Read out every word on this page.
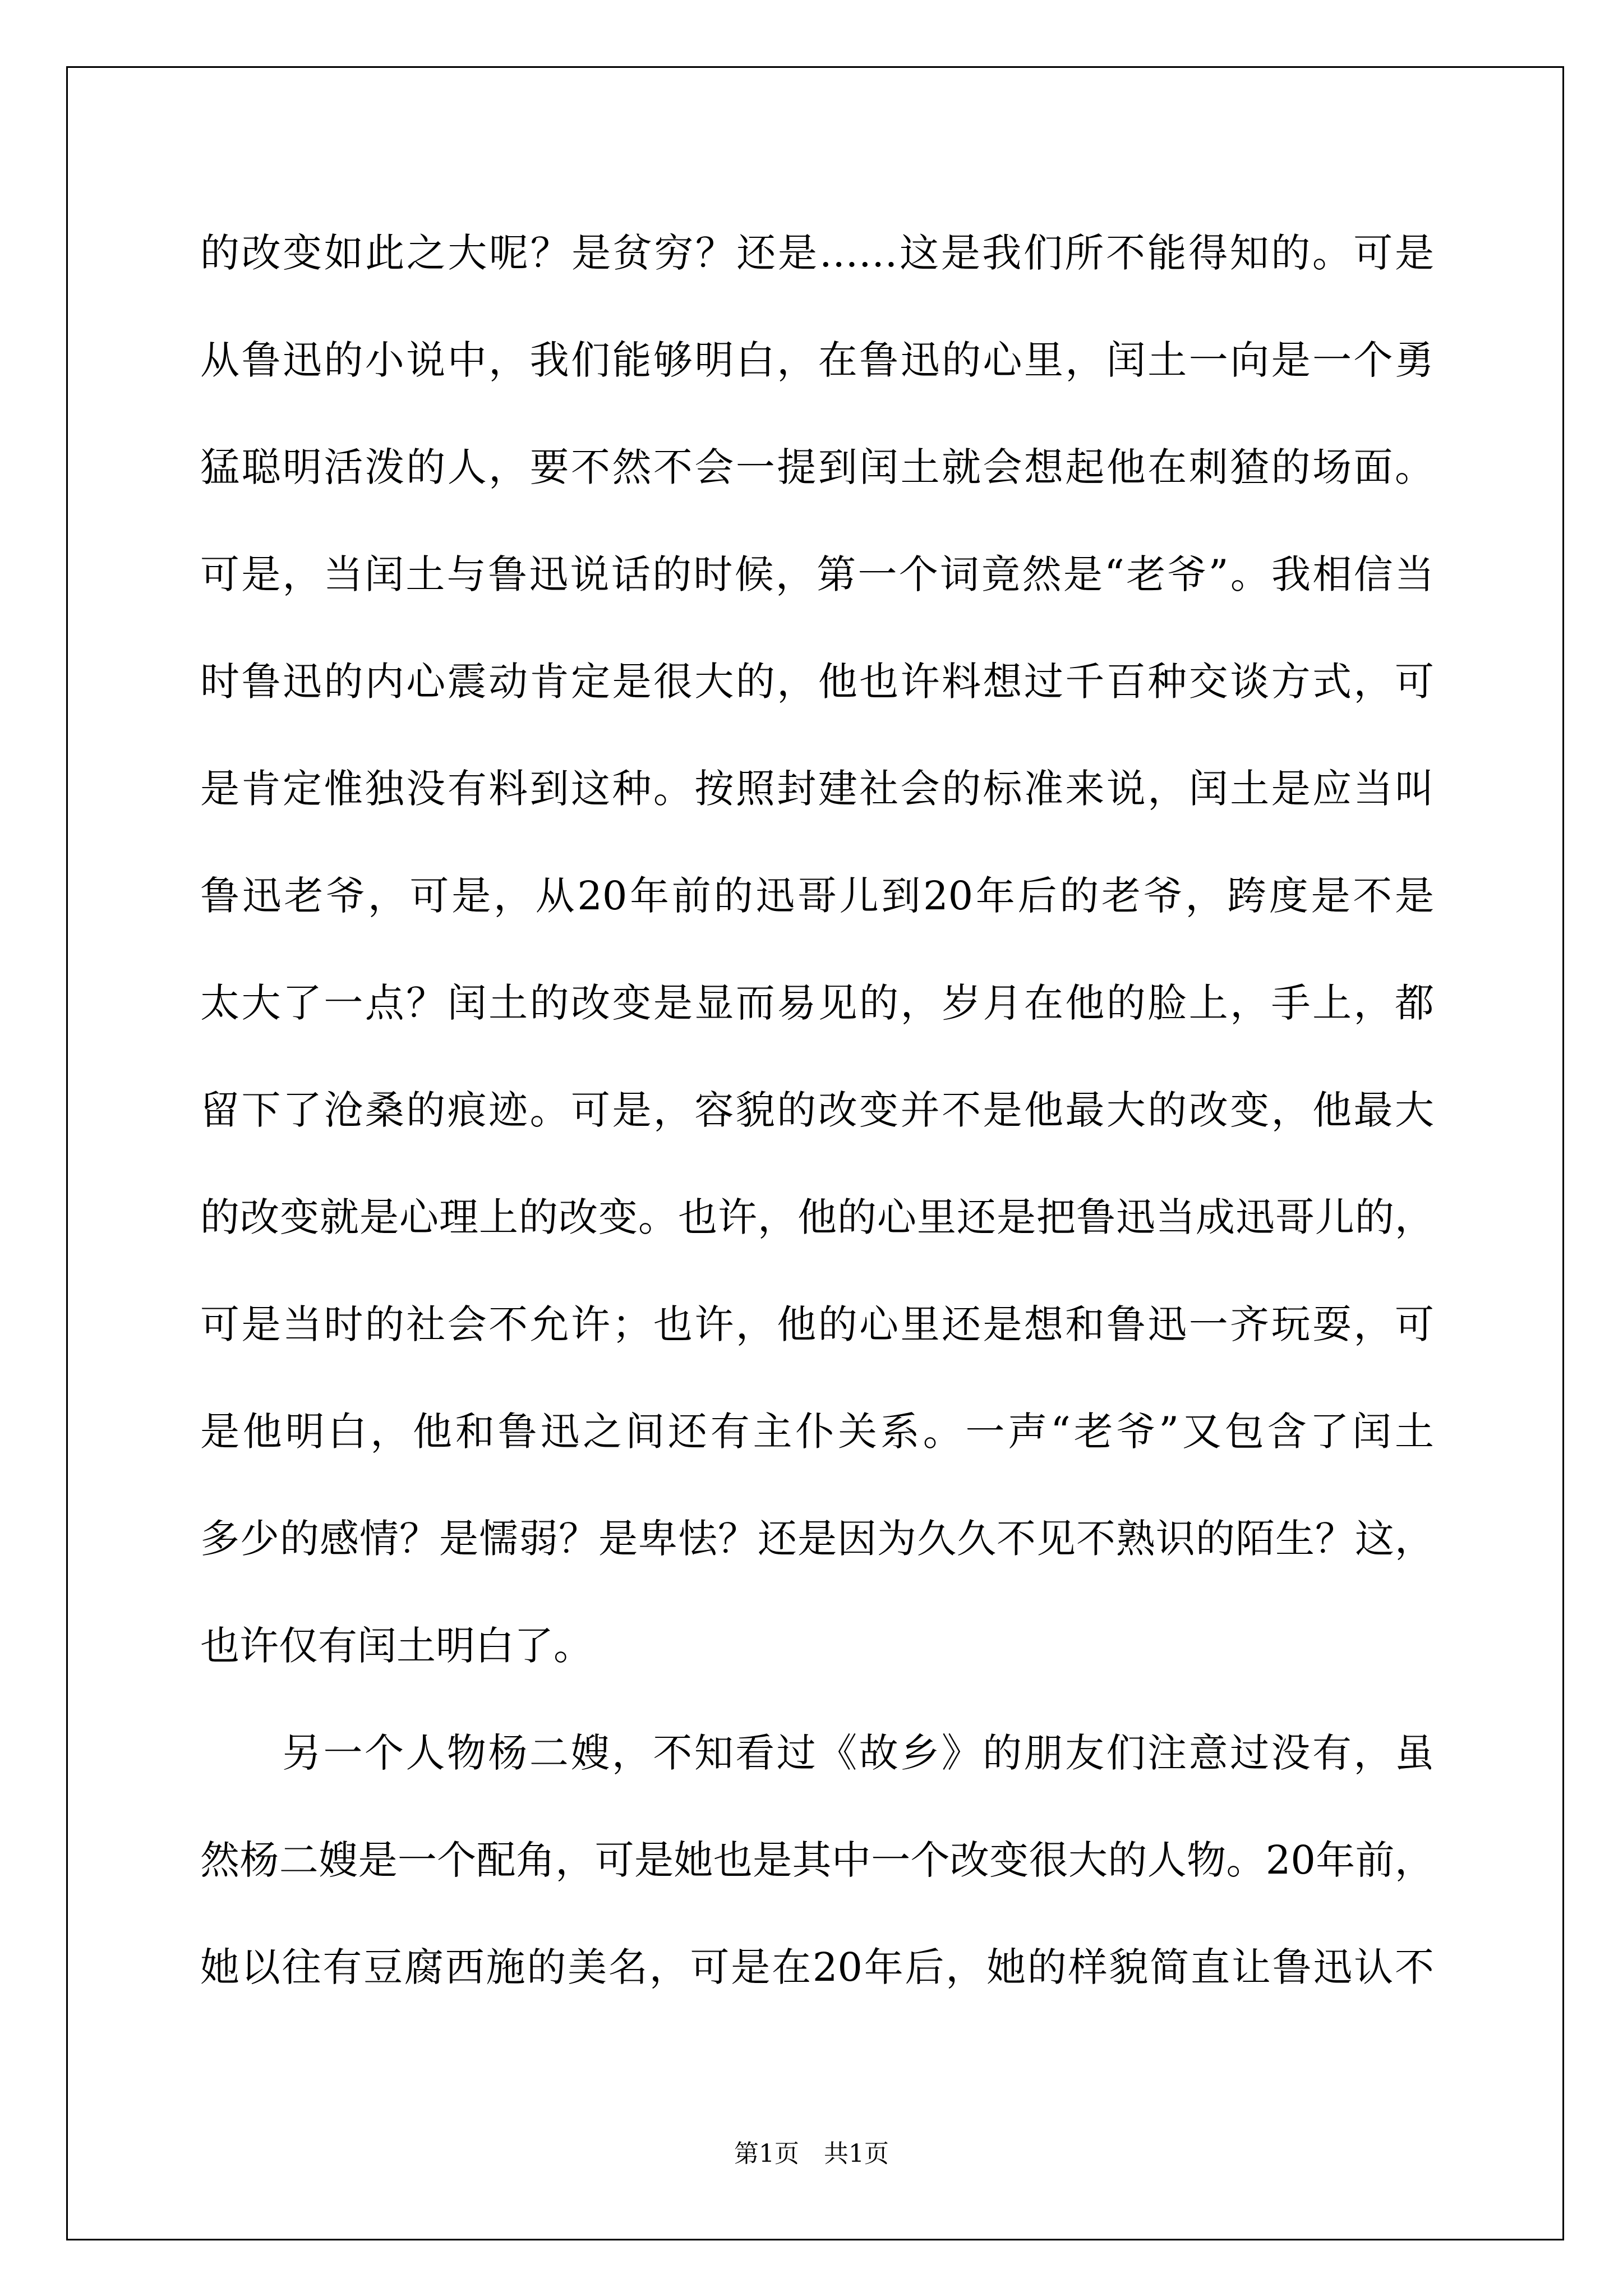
的改变如此之大呢？是贫穷？还是……这是我们所不能得知的。可是
从鲁迅的小说中，我们能够明白，在鲁迅的心里，闰土一向是一个勇
猛聪明活泼的人，要不然不会一提到闰土就会想起他在刺猹的场面。
可是，当闰土与鲁迅说话的时候，第一个词竟然是“老爷”。我相信当
时鲁迅的内心震动肯定是很大的，他也许料想过千百种交谈方式，可
是肯定惟独没有料到这种。按照封建社会的标准来说，闰土是应当叫
鲁迅老爷，可是，从20年前的迅哥儿到20年后的老爷，跨度是不是
太大了一点？闰土的改变是显而易见的，岁月在他的脸上，手上，都
留下了沧桑的痕迹。可是，容貌的改变并不是他最大的改变，他最大
的改变就是心理上的改变。也许，他的心里还是把鲁迅当成迅哥儿的，
可是当时的社会不允许；也许，他的心里还是想和鲁迅一齐玩耍，可
是他明白，他和鲁迅之间还有主仆关系。一声“老爷”又包含了闰土
多少的感情？是懦弱？是卑怯？还是因为久久不见不熟识的陌生？这，
也许仅有闰土明白了。
另一个人物杨二嫂，不知看过《故乡》的朋友们注意过没有，虽
然杨二嫂是一个配角，可是她也是其中一个改变很大的人物。20年前，
她以往有豆腐西施的美名，可是在20年后，她的样貌简直让鲁迅认不
第1页　共1页
